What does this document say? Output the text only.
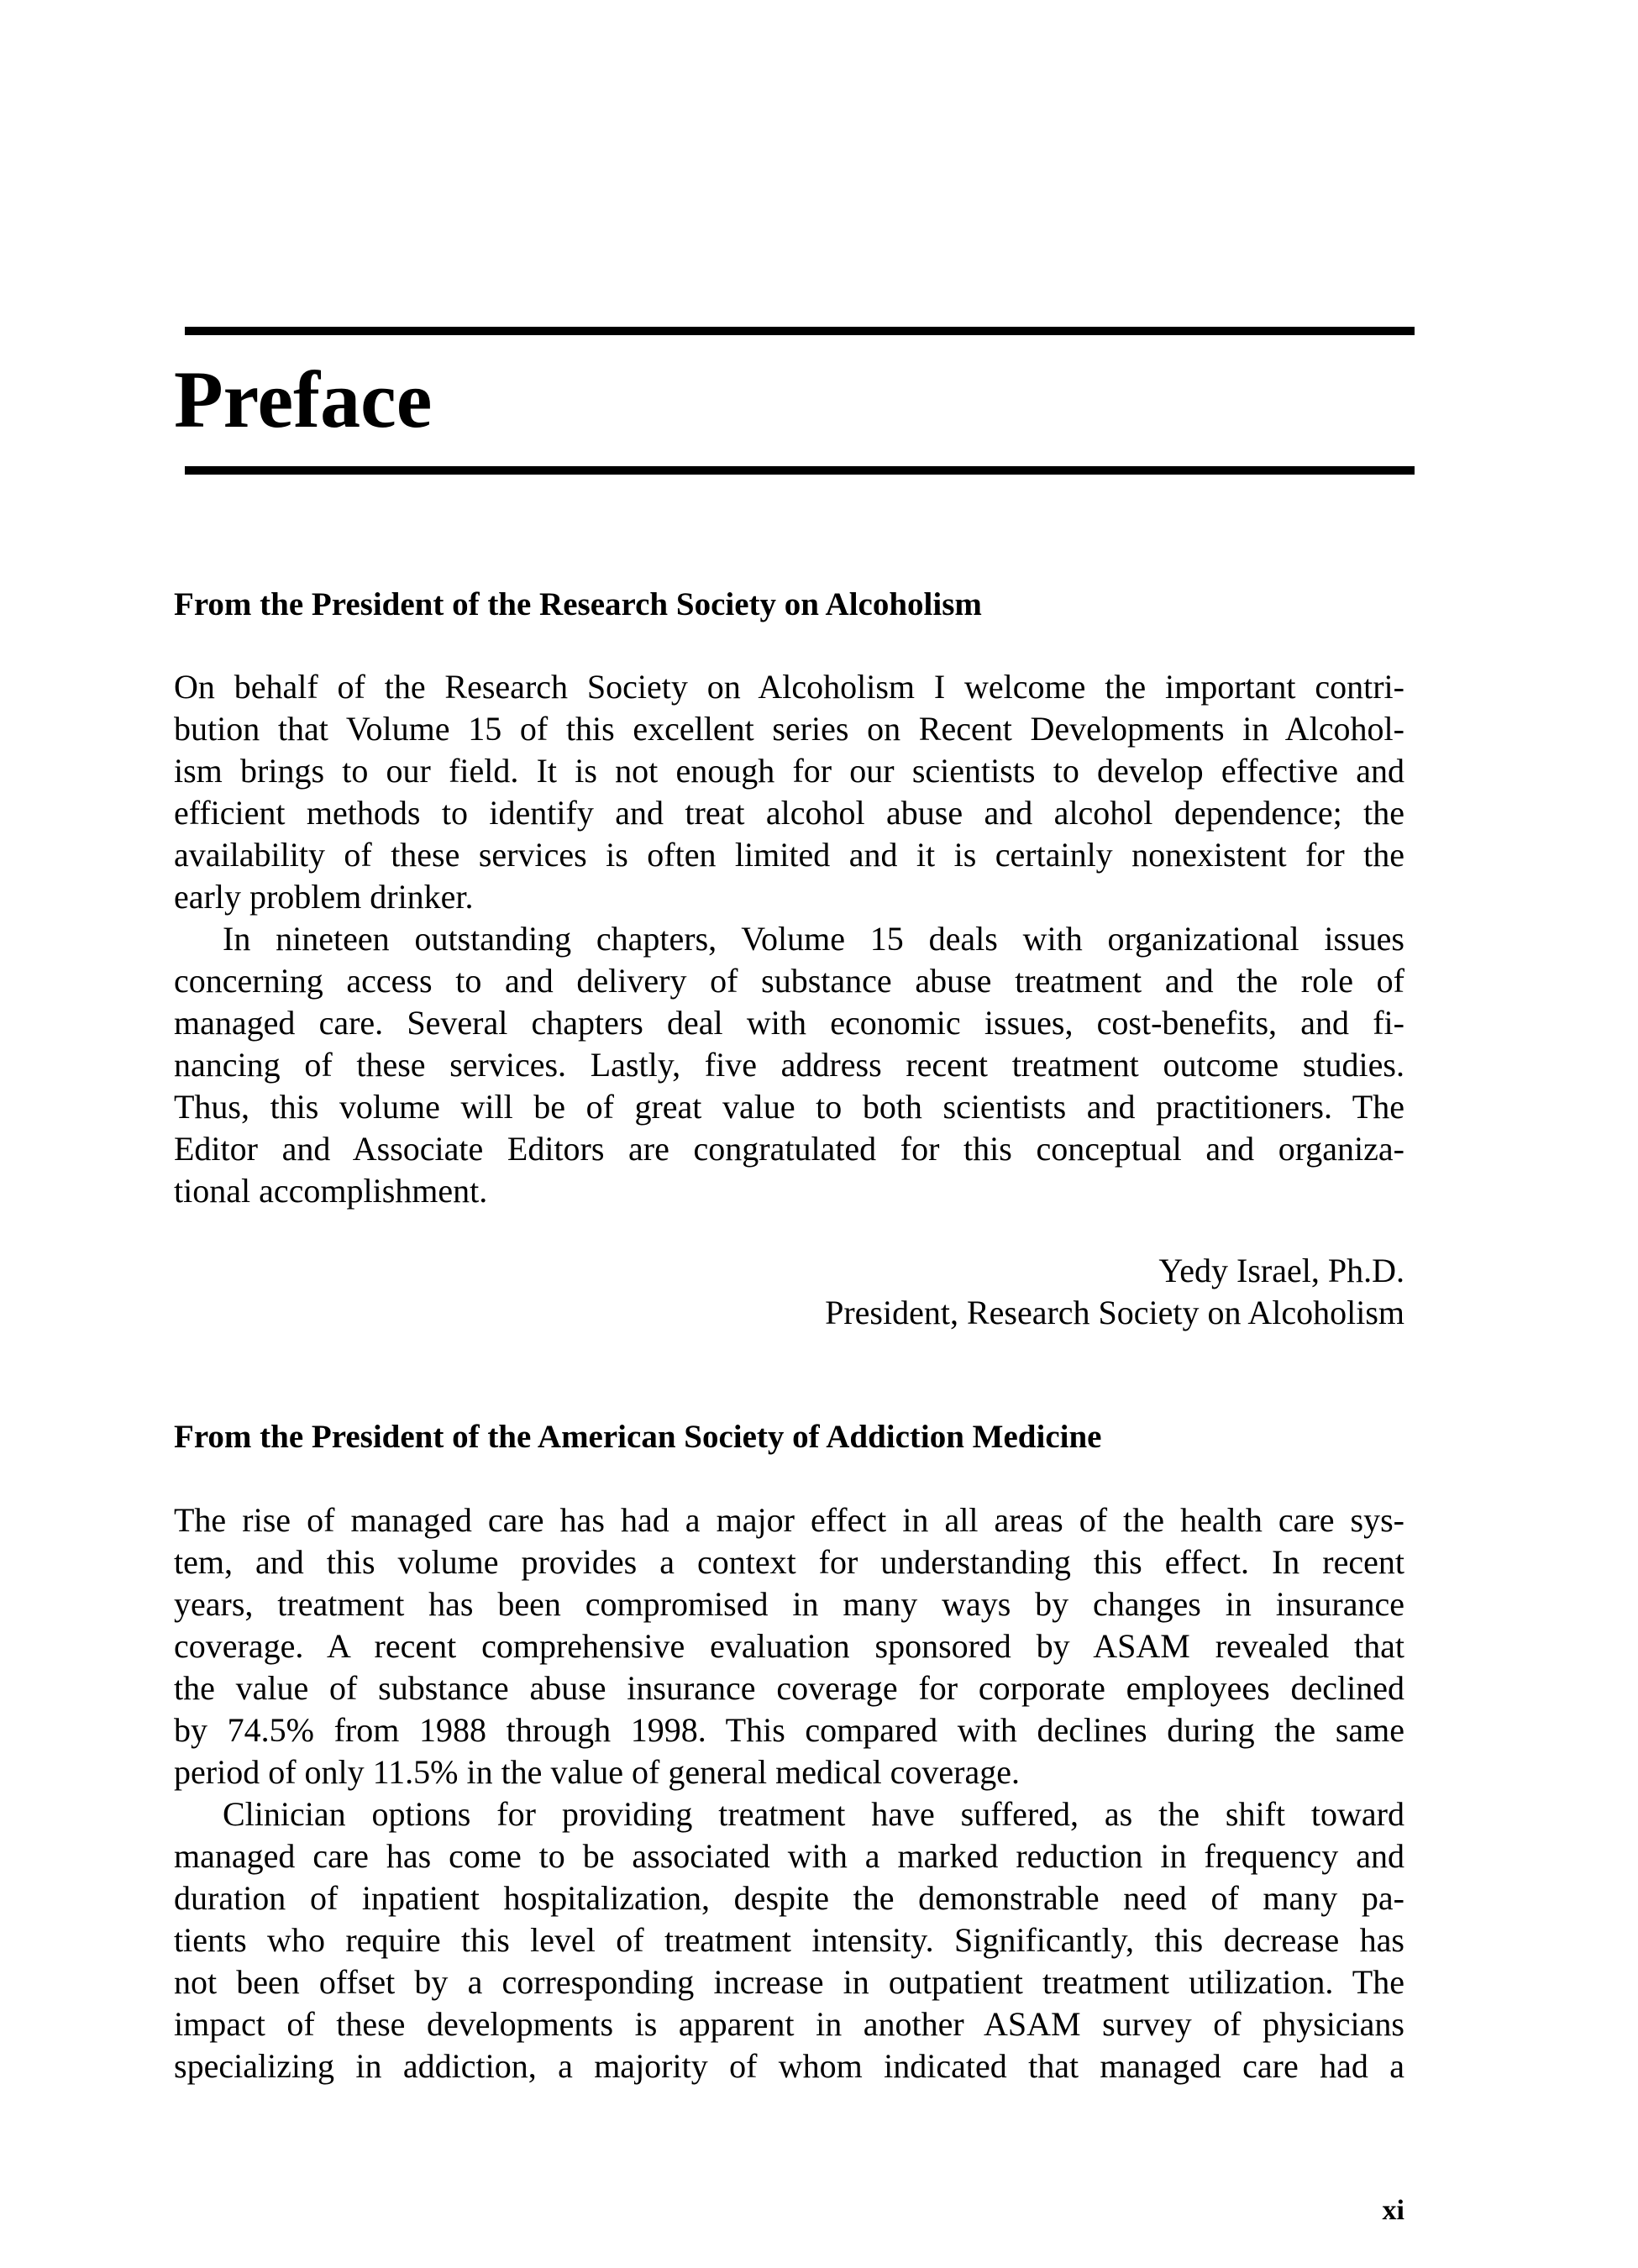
Preface
From the President of the Research Society on Alcoholism
On behalf of the Research Society on Alcoholism I welcome the important contri-
bution that Volume 15 of this excellent series on Recent Developments in Alcohol-
ism brings to our field. It is not enough for our scientists to develop effective and
efficient methods to identify and treat alcohol abuse and alcohol dependence; the
availability of these services is often limited and it is certainly nonexistent for the
early problem drinker.
In nineteen outstanding chapters, Volume 15 deals with organizational issues
concerning access to and delivery of substance abuse treatment and the role of
managed care. Several chapters deal with economic issues, cost-benefits, and fi-
nancing of these services. Lastly, five address recent treatment outcome studies.
Thus, this volume will be of great value to both scientists and practitioners. The
Editor and Associate Editors are congratulated for this conceptual and organiza-
tional accomplishment.
Yedy Israel, Ph.D.
President, Research Society on Alcoholism
From the President of the American Society of Addiction Medicine
The rise of managed care has had a major effect in all areas of the health care sys-
tem, and this volume provides a context for understanding this effect. In recent
years, treatment has been compromised in many ways by changes in insurance
coverage. A recent comprehensive evaluation sponsored by ASAM revealed that
the value of substance abuse insurance coverage for corporate employees declined
by 74.5% from 1988 through 1998. This compared with declines during the same
period of only 11.5% in the value of general medical coverage.
Clinician options for providing treatment have suffered, as the shift toward
managed care has come to be associated with a marked reduction in frequency and
duration of inpatient hospitalization, despite the demonstrable need of many pa-
tients who require this level of treatment intensity. Significantly, this decrease has
not been offset by a corresponding increase in outpatient treatment utilization. The
impact of these developments is apparent in another ASAM survey of physicians
specializing in addiction, a majority of whom indicated that managed care had a
xi
